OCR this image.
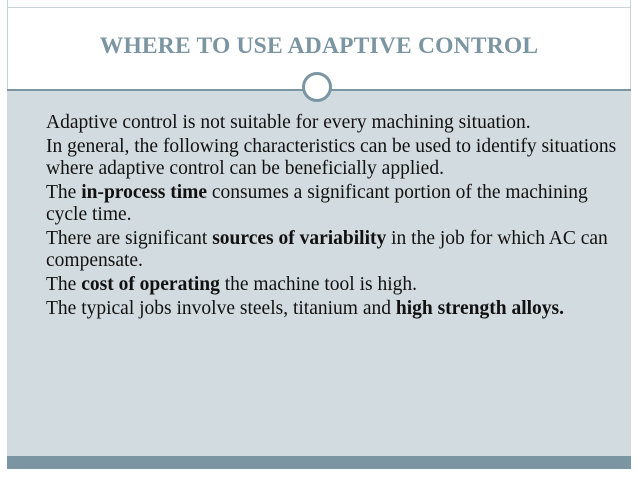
WHERE TO USE ADAPTIVE CONTROL
Adaptive control is not suitable for every machining situation.
In general, the following characteristics can be used to identify situations where adaptive control can be beneficially applied.
The in-process time consumes a significant portion of the machining cycle time.
There are significant sources of variability in the job for which AC can compensate.
The cost of operating the machine tool is high.
The typical jobs involve steels, titanium and high strength alloys.
